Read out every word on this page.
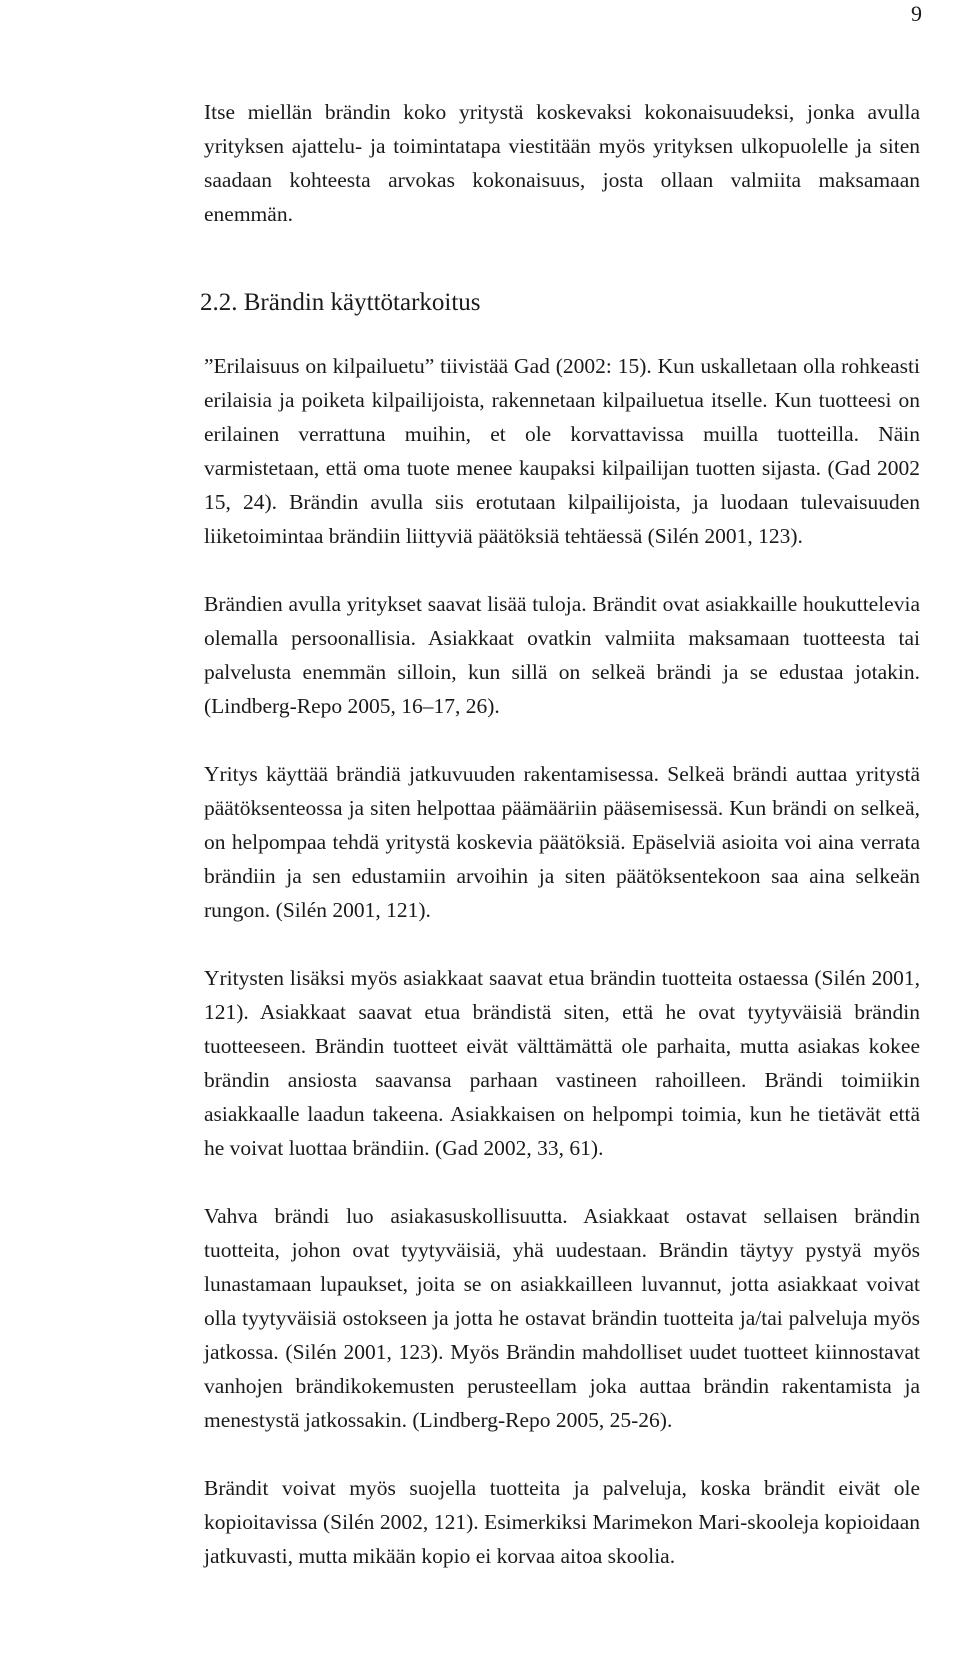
9

Itse miellän brändin koko yritystä koskevaksi kokonaisuudeksi, jonka avulla yrityksen ajattelu- ja toimintatapa viestitään myös yrityksen ulkopuolelle ja siten saadaan kohteesta arvokas kokonaisuus, josta ollaan valmiita maksamaan enemmän.

2.2. Brändin käyttötarkoitus

”Erilaisuus on kilpailuetu” tiivistää Gad (2002: 15). Kun uskalletaan olla rohkeasti erilaisia ja poiketa kilpailijoista, rakennetaan kilpailuetua itselle. Kun tuotteesi on erilainen verrattuna muihin, et ole korvattavissa muilla tuotteilla. Näin varmistetaan, että oma tuote menee kaupaksi kilpailijan tuotten sijasta. (Gad 2002 15, 24). Brändin avulla siis erotutaan kilpailijoista, ja luodaan tulevaisuuden liiketoimintaa brändiin liittyviä päätöksiä tehtäessä (Silén 2001, 123).

Brändien avulla yritykset saavat lisää tuloja. Brändit ovat asiakkaille houkuttelevia olemalla persoonallisia. Asiakkaat ovatkin valmiita maksamaan tuotteesta tai palvelusta enemmän silloin, kun sillä on selkeä brändi ja se edustaa jotakin. (Lindberg-Repo 2005, 16–17, 26).

Yritys käyttää brändiä jatkuvuuden rakentamisessa. Selkeä brändi auttaa yritystä päätöksenteossa ja siten helpottaa päämääriin pääsemisessä. Kun brändi on selkeä, on helpompaa tehdä yritystä koskevia päätöksiä. Epäselviä asioita voi aina verrata brändiin ja sen edustamiin arvoihin ja siten päätöksentekoon saa aina selkeän rungon. (Silén 2001, 121).

Yritysten lisäksi myös asiakkaat saavat etua brändin tuotteita ostaessa (Silén 2001, 121). Asiakkaat saavat etua brändistä siten, että he ovat tyytyväisiä brändin tuotteeseen. Brändin tuotteet eivät välttämättä ole parhaita, mutta asiakas kokee brändin ansiosta saavansa parhaan vastineen rahoilleen. Brändi toimiikin asiakkaalle laadun takeena. Asiakkaisen on helpompi toimia, kun he tietävät että he voivat luottaa brändiin. (Gad 2002, 33, 61).

Vahva brändi luo asiakasuskollisuutta. Asiakkaat ostavat sellaisen brändin tuotteita, johon ovat tyytyväisiä, yhä uudestaan. Brändin täytyy pystyä myös lunastamaan lupaukset, joita se on asiakkailleen luvannut, jotta asiakkaat voivat olla tyytyväisiä ostokseen ja jotta he ostavat brändin tuotteita ja/tai palveluja myös jatkossa. (Silén 2001, 123). Myös Brändin mahdolliset uudet tuotteet kiinnostavat vanhojen brändikokemusten perusteellam joka auttaa brändin rakentamista ja menestystä jatkossakin. (Lindberg-Repo 2005, 25-26).

Brändit voivat myös suojella tuotteita ja palveluja, koska brändit eivät ole kopioitavissa (Silén 2002, 121). Esimerkiksi Marimekon Mari-skooleja kopioidaan jatkuvasti, mutta mikään kopio ei korvaa aitoa skoolia.
